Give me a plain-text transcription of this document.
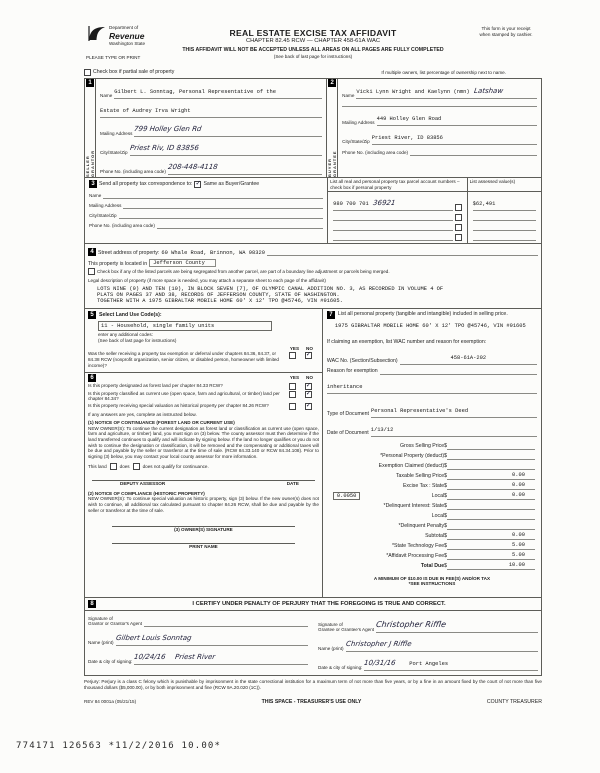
Department of
Revenue
Washington State
REAL ESTATE EXCISE TAX AFFIDAVIT
CHAPTER 82.45 RCW — CHAPTER 458-61A WAC
THIS AFFIDAVIT WILL NOT BE ACCEPTED UNLESS ALL AREAS ON ALL PAGES ARE FULLY COMPLETED
(See back of last page for instructions)
This form is your receipt
when stamped by cashier.
PLEASE TYPE OR PRINT
Check box if partial sale of property	If multiple owners, list percentage of ownership next to name.
1
SELLER GRANTOR
Name
Gilbert L. Sonntag, Personal Representative of the
Estate of Audrey Irva Wright
Mailing Address
799 Holley Glen Rd
City/State/Zip
Priest Riv, ID 83856
Phone No. (including area code)
208-448-4118
2
BUYER GRANTEE
Name
Vicki Lynn Wright and Kaelynn (nmn) Latshaw
Mailing Address
449 Holley Glen Road
City/State/Zip
Priest River, ID 83856
Phone No. (including area code)
3 Send all property tax correspondence to: ✓ Same as Buyer/Grantee
Name
Mailing Address
City/State/Zip
Phone No. (including area code)
List all real and personal property tax parcel account numbers – check box if personal property
List assessed value(s)
980 700 701 36921	$62,491
4 Street address of property: 60 Whale Road, Brinnon, WA 98320
This property is located in	Jefferson County
Check box if any of the listed parcels are being segregated from another parcel, are part of a boundary line adjustment or parcels being merged.
Legal description of property (if more space is needed, you may attach a separate sheet to each page of the affidavit)
LOTS NINE (9) AND TEN (10), IN BLOCK SEVEN (7), OF OLYMPIC CANAL ADDITION NO. 3, AS RECORDED IN VOLUME 4 OF
PLATS ON PAGES 37 AND 38, RECORDS OF JEFFERSON COUNTY, STATE OF WASHINGTON.
TOGETHER WITH A 1975 GIBRALTAR MOBILE HOME 60' X 12' TPO @45746, VIN #91605.
5	Select Land Use Code(s):
11 - Household, single family units
enter any additional codes:
(See back of last page for instructions)
YES NO
Was the seller receiving a property tax exemption or deferral under chapters 84.36, 84.37, or 84.38 RCW (nonprofit organization, senior citizen, or disabled person, homeowner with limited income)?
✓
6	YES NO
Is this property designated as forest land per chapter 84.33 RCW?	✓
Is this property classified as current use (open space, farm and agricultural, or timber) land per chapter 84.34?
✓
Is this property receiving special valuation as historical property per chapter 84.26 RCW?	✓
If any answers are yes, complete as instructed below.
(1) NOTICE OF CONTINUANCE (FOREST LAND OR CURRENT USE)
NEW OWNER(S): To continue the current designation as forest land or classification as current use (open space, farm and agriculture, or timber) land, you must sign on (3) below. The county assessor must then determine if the land transferred continues to qualify and will indicate by signing below. If the land no longer qualifies or you do not wish to continue the designation or classification, it will be removed and the compensating or additional taxes will be due and payable by the seller or transferor at the time of sale. (RCW 84.33.140 or RCW 84.34.108). Prior to signing (3) below, you may contact your local county assessor for more information.
This land	does	does not qualify for continuance.
DEPUTY ASSESSOR	DATE
(2) NOTICE OF COMPLIANCE (HISTORIC PROPERTY)
NEW OWNER(S): To continue special valuation as historic property, sign (3) below. If the new owner(s) does not wish to continue, all additional tax calculated pursuant to chapter 84.26 RCW, shall be due and payable by the seller or transferor at the time of sale.
(3) OWNER(S) SIGNATURE
PRINT NAME
7	List all personal property (tangible and intangible) included in selling price.
1975 GIBRALTAR MOBILE HOME 60' X 12' TPO @45746, VIN #91605
If claiming an exemption, list WAC number and reason for exemption:
WAC No. (Section/Subsection)
458-61A-202
Reason for exemption
inheritance
Type of Document
Personal Representative's Deed
Date of Document
1/13/12
Gross Selling Price $
*Personal Property (deduct) $
Exemption Claimed (deduct) $
Taxable Selling Price $	0.00
Excise Tax : State $	0.00
0.0050	Local $	0.00
*Delinquent Interest: State $
Local $
*Delinquent Penalty $
Subtotal $	0.00
*State Technology Fee $	5.00
*Affidavit Processing Fee $	5.00
Total Due $	10.00
A MINIMUM OF $10.00 IS DUE IN FEE(S) AND/OR TAX
*SEE INSTRUCTIONS
8	I CERTIFY UNDER PENALTY OF PERJURY THAT THE FOREGOING IS TRUE AND CORRECT.
Signature of
Grantor or Grantor's Agent
Name (print)
Gilbert Louis Sonntag
Date & city of signing:
10/24/16 Priest River
Signature of
Grantee or Grantee's Agent
Christopher Riffle
Name (print)
Christopher J Riffle
Date & city of signing:
10/31/16 Port Angeles
Perjury: Perjury is a class C felony which is punishable by imprisonment in the state correctional institution for a maximum term of not more than five years, or by a fine in an amount fixed by the court of not more than five thousand dollars ($5,000.00), or by both imprisonment and fine (RCW 9A.20.020 (1C)).
REV 84 0001a (05/21/15)	THIS SPACE - TREASURER'S USE ONLY	COUNTY TREASURER
774171 126563 *11/2/2016 10.00*
